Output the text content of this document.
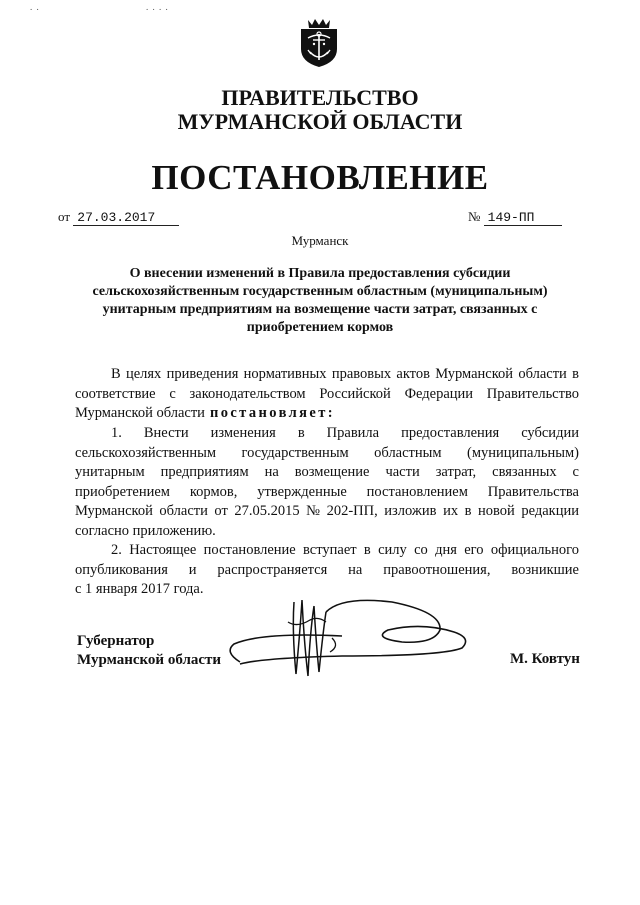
. .	. . . .
ПРАВИТЕЛЬСТВО
МУРМАНСКОЙ ОБЛАСТИ
ПОСТАНОВЛЕНИЕ
от 27.03.2017	№ 149-ПП
Мурманск
О внесении изменений в Правила предоставления субсидии
сельскохозяйственным государственным областным (муниципальным)
унитарным предприятиям на возмещение части затрат, связанных с
приобретением кормов
В целях приведения нормативных правовых актов Мурманской области в
соответствие с законодательством Российской Федерации Правительство
Мурманской области постановляет:
1. Внести изменения в Правила предоставления субсидии
сельскохозяйственным государственным областным (муниципальным)
унитарным предприятиям на возмещение части затрат, связанных с
приобретением кормов, утвержденные постановлением Правительства
Мурманской области от 27.05.2015 № 202-ПП, изложив их в новой редакции
согласно приложению.
2. Настоящее постановление вступает в силу со дня его официального
опубликования и распространяется на правоотношения, возникшие
с 1 января 2017 года.
Губернатор
Мурманской области	М. Ковтун
